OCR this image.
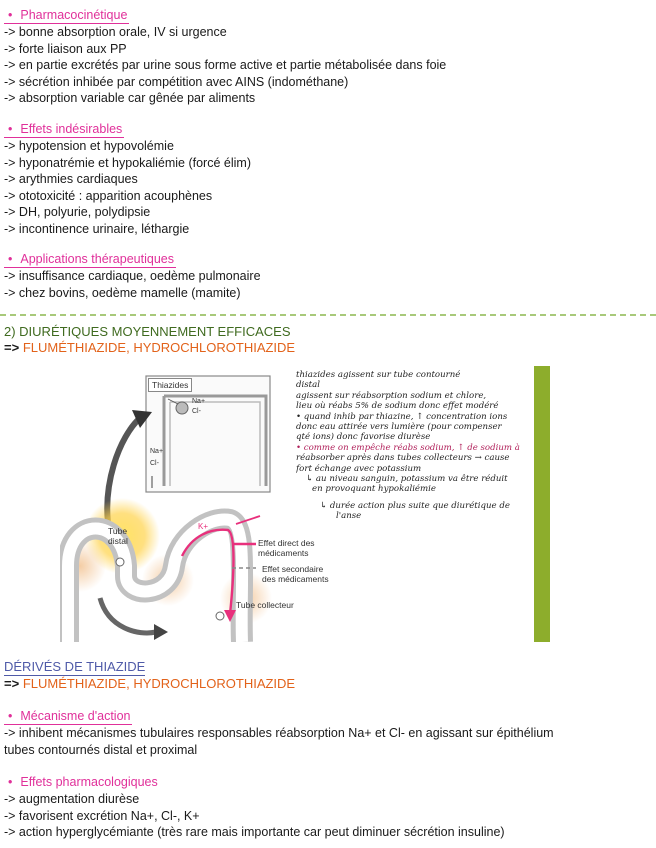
• Pharmacocinétique
-> bonne absorption orale, IV si urgence
-> forte liaison aux PP
-> en partie excrétés par urine sous forme active et partie métabolisée dans foie
-> sécrétion inhibée par compétition avec AINS (indométhane)
-> absorption variable car gênée par aliments
• Effets indésirables
-> hypotension et hypovolémie
-> hyponatrémie et hypokaliémie (forcé élim)
-> arythmies cardiaques
-> ototoxicité : apparition acouphènes
-> DH, polyurie, polydipsie
-> incontinence urinaire, léthargie
• Applications thérapeutiques
-> insuffisance cardiaque, oedème pulmonaire
-> chez bovins, oedème mamelle (mamite)
2) DIURÉTIQUES MOYENNEMENT EFFICACES
=> FLUMÉTHIAZIDE, HYDROCHLOROTHIAZIDE
Thiazides
Na+
Cl-
Na+
Cl-
Tube distal
K+
Effet direct des médicaments
Effet secondaire des médicaments
Tube collecteur
thiazides agissent sur tube contourné
distal
agissent sur réabsorption sodium et chlore,
lieu où réabs 5% de sodium donc effet modéré
• quand inhib par thiazine, ↑ concentration ions
donc eau attirée vers lumière (pour compenser
qté ions) donc favorise diurèse
• comme on empêche réabs sodium, ↑ de sodium à
réabsorber après dans tubes collecteurs → cause
fort échange avec potassium
↳ au niveau sanguin, potassium va être réduit
en provoquant hypokaliémie
↳ durée action plus suite que diurétique de
l'anse
DÉRIVÉS DE THIAZIDE
=> FLUMÉTHIAZIDE, HYDROCHLOROTHIAZIDE
• Mécanisme d'action
-> inhibent mécanismes tubulaires responsables réabsorption Na+ et Cl- en agissant sur épithélium
tubes contournés distal et proximal
• Effets pharmacologiques
-> augmentation diurèse
-> favorisent excrétion Na+, Cl-, K+
-> action hyperglycémiante (très rare mais importante car peut diminuer sécrétion insuline)
